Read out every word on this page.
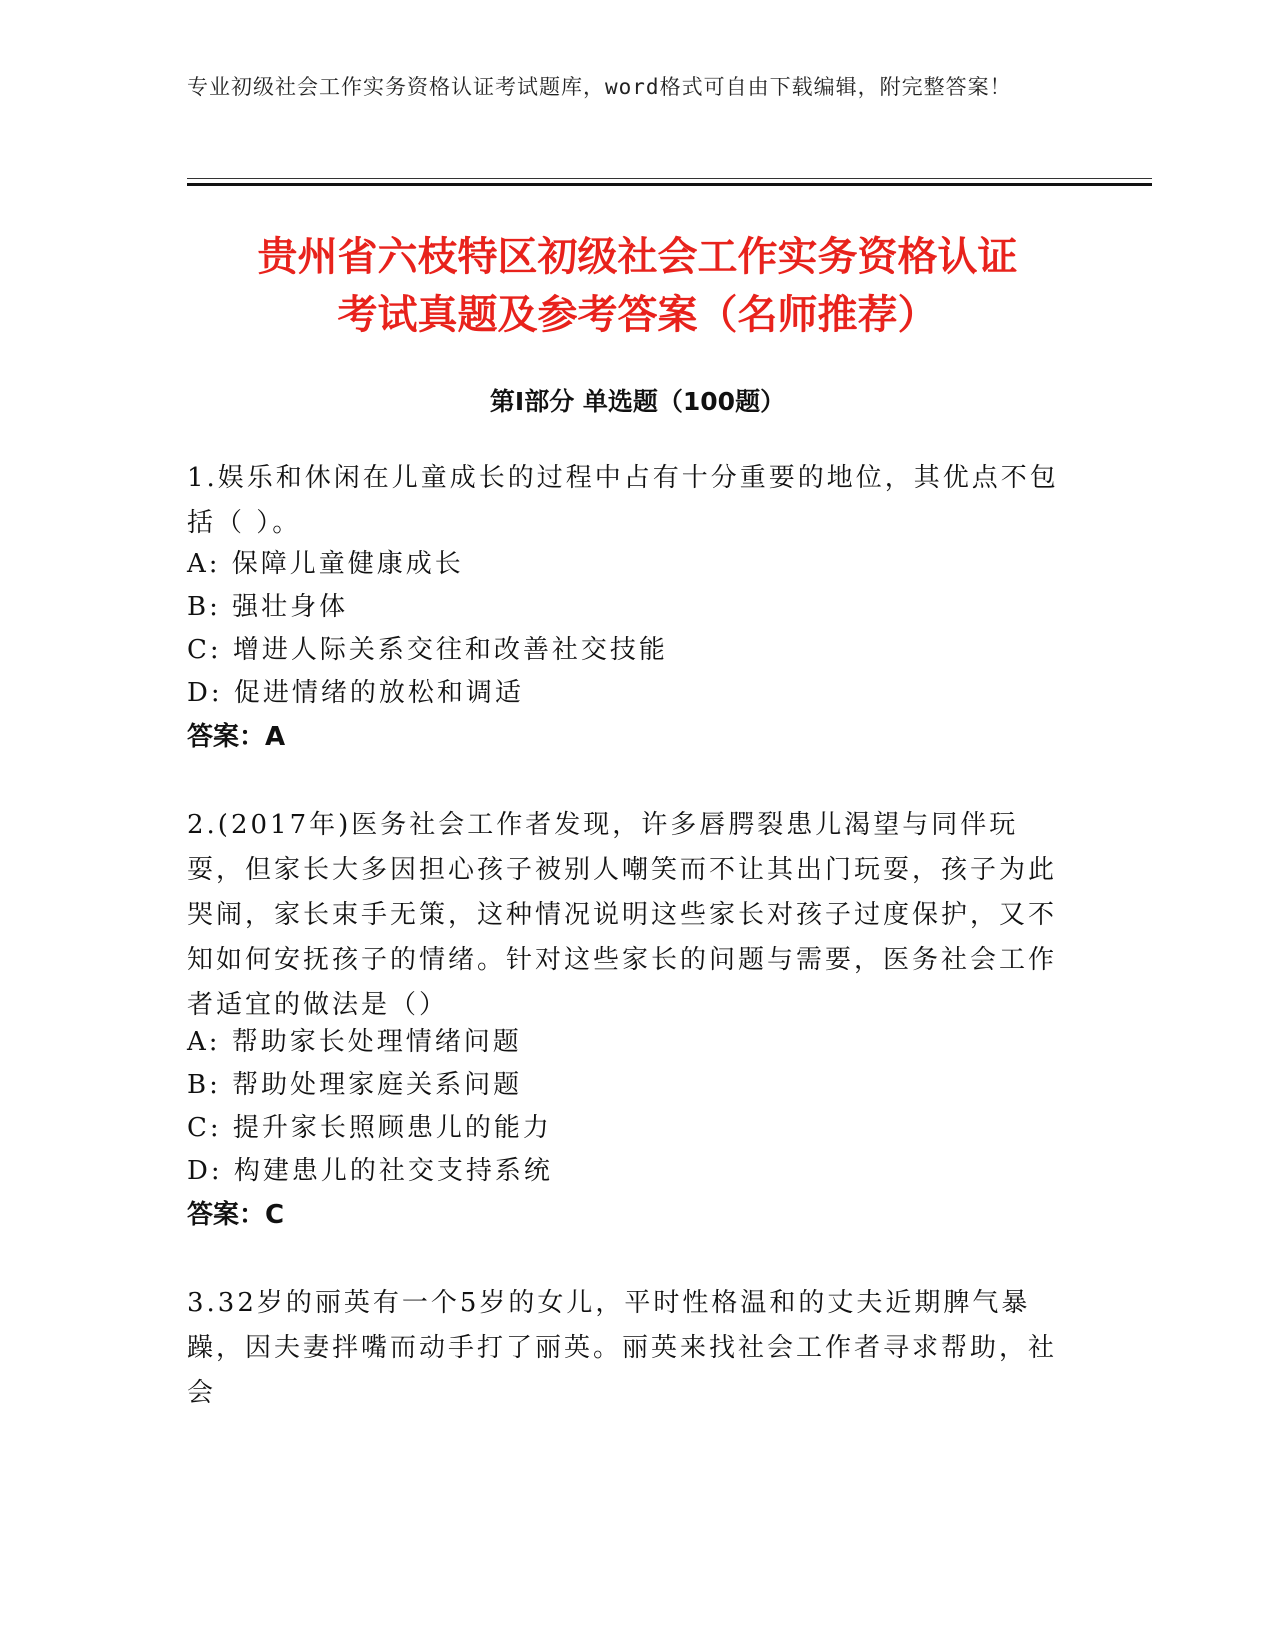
专业初级社会工作实务资格认证考试题库，word格式可自由下载编辑，附完整答案！
贵州省六枝特区初级社会工作实务资格认证
考试真题及参考答案（名师推荐）
第I部分 单选题（100题）
1.娱乐和休闲在儿童成长的过程中占有十分重要的地位，其优点不包括（ ）。
A: 保障儿童健康成长
B: 强壮身体
C: 增进人际关系交往和改善社交技能
D: 促进情绪的放松和调适
答案：A
2.(2017年)医务社会工作者发现，许多唇腭裂患儿渴望与同伴玩耍，但家长大多因担心孩子被别人嘲笑而不让其出门玩耍，孩子为此哭闹，家长束手无策，这种情况说明这些家长对孩子过度保护，又不知如何安抚孩子的情绪。针对这些家长的问题与需要，医务社会工作者适宜的做法是（）
A: 帮助家长处理情绪问题
B: 帮助处理家庭关系问题
C: 提升家长照顾患儿的能力
D: 构建患儿的社交支持系统
答案：C
3.32岁的丽英有一个5岁的女儿，平时性格温和的丈夫近期脾气暴躁，因夫妻拌嘴而动手打了丽英。丽英来找社会工作者寻求帮助，社会
